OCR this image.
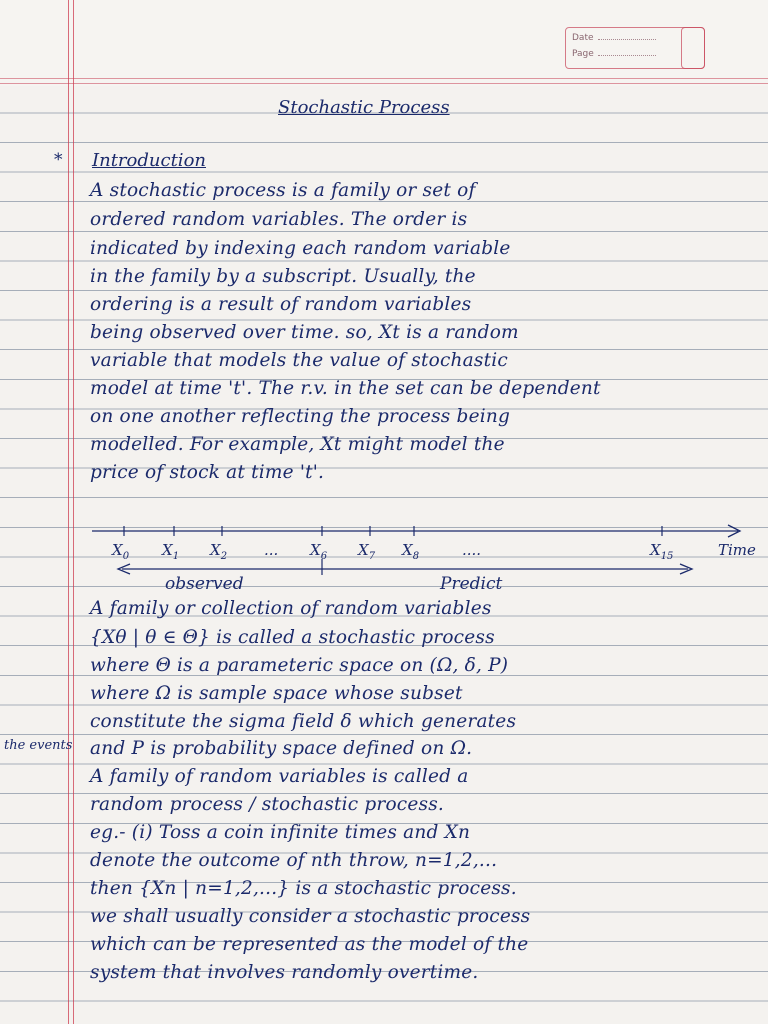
Date
Page
Stochastic Process
* Introduction
A stochastic process is a family or set of
ordered random variables. The order is
indicated by indexing each random variable
in the family by a subscript. Usually, the
ordering is a result of random variables
being observed over time. so, Xt is a random
variable that models the value of stochastic
model at time 't'. The r.v. in the set can be dependent
on one another reflecting the process being
modelled. For example, Xt might model the
price of stock at time 't'.
$X_0$ $X_1$ $X_2$ ... $X_6$ $X_7$ $X_8$	....	$X_{15}$	Time
observed	Predict
A family or collection of random variables
{Xθ | θ ∈ Θ} is called a stochastic process
where Θ is a parameteric space on (Ω, δ, P)
where Ω is sample space whose subset
constitute the sigma field δ which generates
the events and P is probability space defined on Ω.
A family of random variables is called a
random process / stochastic process.
eg.- (i) Toss a coin infinite times and Xn
denote the outcome of nth throw, n=1,2,...
then {Xn | n=1,2,...} is a stochastic process.
we shall usually consider a stochastic process
which can be represented as the model of the
system that involves randomly overtime.
